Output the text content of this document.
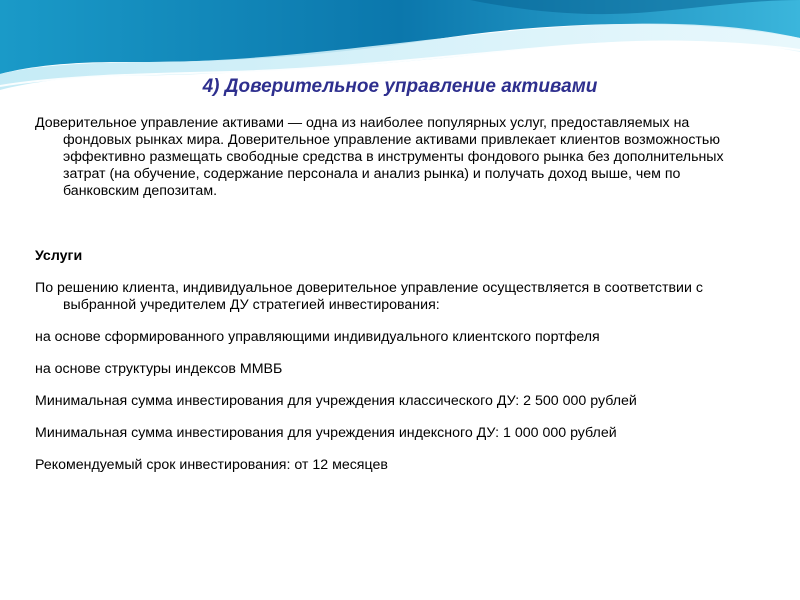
4) Доверительное управление активами

Доверительное управление активами — одна из наиболее популярных услуг, предоставляемых на фондовых рынках мира. Доверительное управление активами привлекает клиентов возможностью эффективно размещать свободные средства в инструменты фондового рынка без дополнительных затрат (на обучение, содержание персонала и анализ рынка) и получать доход выше, чем по банковским депозитам.

Услуги

По решению клиента, индивидуальное доверительное управление осуществляется в соответствии с выбранной учредителем ДУ стратегией инвестирования:

на основе сформированного управляющими индивидуального клиентского портфеля

на основе структуры индексов ММВБ

Минимальная сумма инвестирования для учреждения классического ДУ: 2 500 000 рублей

Минимальная сумма инвестирования для учреждения индексного ДУ: 1 000 000 рублей

Рекомендуемый срок инвестирования: от 12 месяцев
